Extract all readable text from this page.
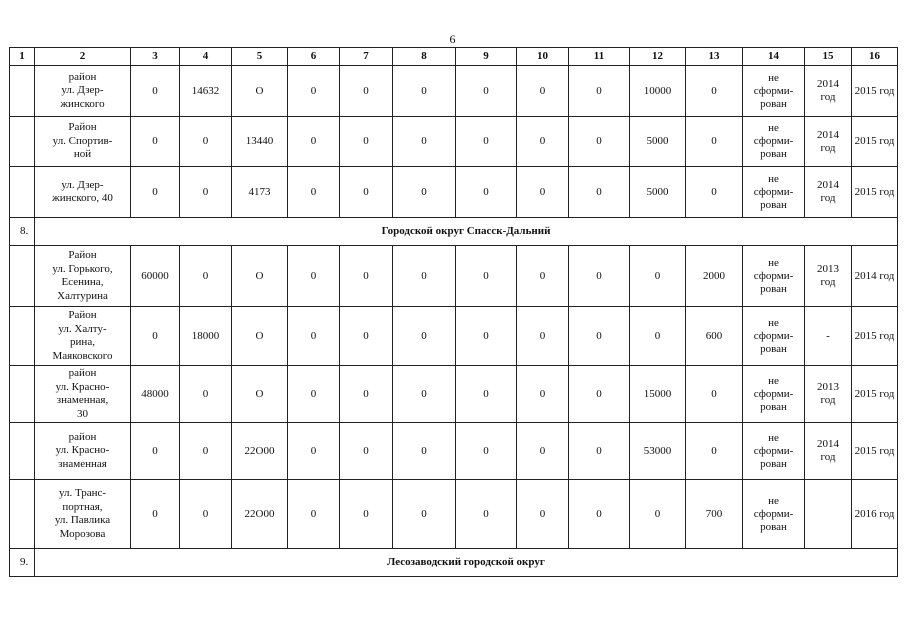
6
1	2	3	4	5	6	7	8	9	10	11	12	13	14	15	16
	район
ул. Дзер-
жинского	0	14632	О	0	0	0	0	0	0	10000	0	не
сформи-
рован	2014
год	2015 год
	Район
ул. Спортив-
ной	0	0	13440	0	0	0	0	0	0	5000	0	не
сформи-
рован	2014
год	2015 год
	ул. Дзер-
жинского, 40	0	0	4173	0	0	0	0	0	0	5000	0	не
сформи-
рован	2014
год	2015 год
8.	Городской округ Спасск-Дальний														
	Район
ул. Горького,
Есенина,
Халтурина	60000	0	О	0	0	0	0	0	0	0	2000	не
сформи-
рован	2013
год	2014 год
	Район
ул. Халту-
рина,
Маяковского	0	18000	О	0	0	0	0	0	0	0	600	не
сформи-
рован	-	2015 год
	район
ул. Красно-
знаменная,
30	48000	0	О	0	0	0	0	0	0	15000	0	не
сформи-
рован	2013
год	2015 год
	район
ул. Красно-
знаменная	0	0	22О00	0	0	0	0	0	0	53000	0	не
сформи-
рован	2014
год	2015 год
	ул. Транс-
портная,
ул. Павлика
Морозова	0	0	22О00	0	0	0	0	0	0	0	700	не
сформи-
рован		2016 год
9.	Лесозаводский городской округ														
